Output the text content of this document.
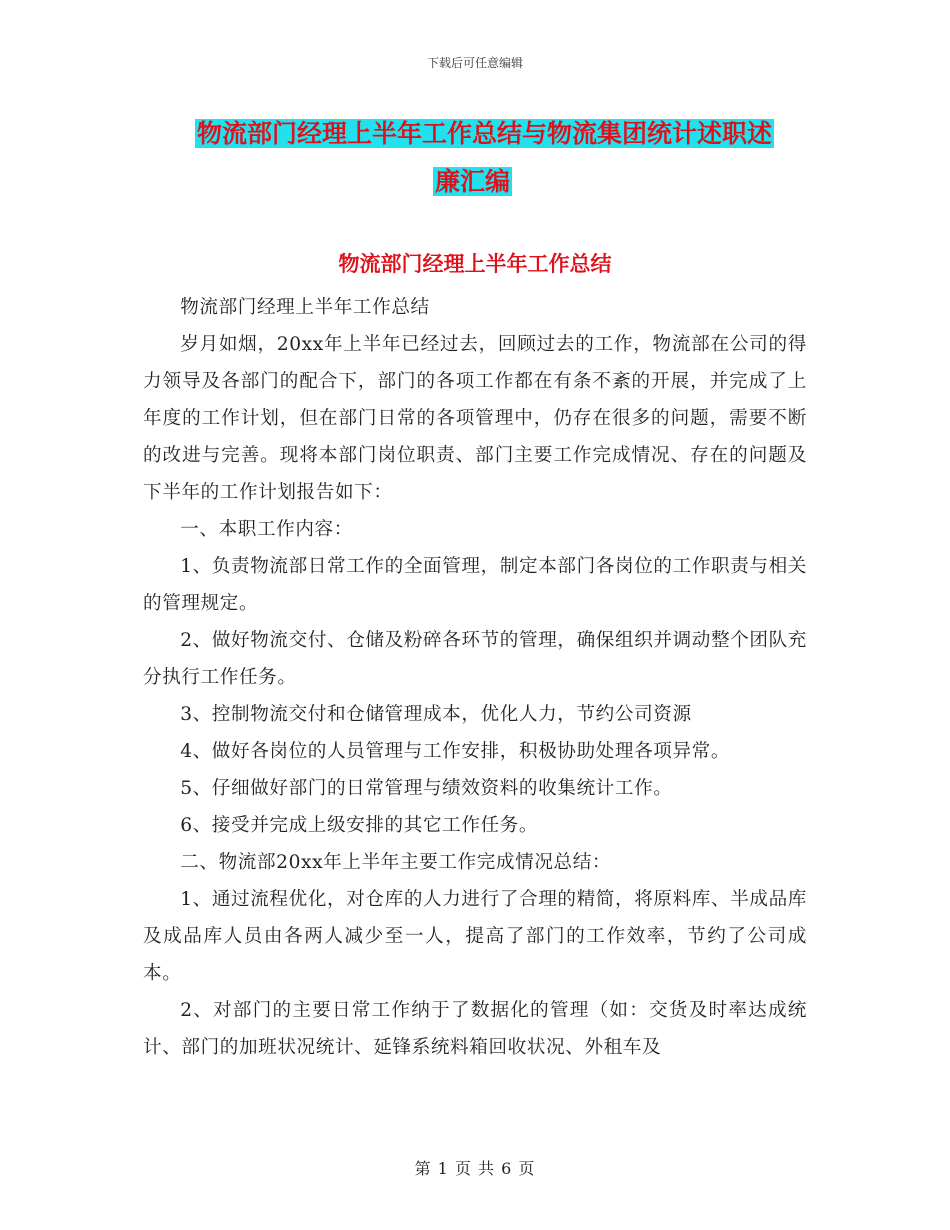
下载后可任意编辑
物流部门经理上半年工作总结与物流集团统计述职述
廉汇编
物流部门经理上半年工作总结

物流部门经理上半年工作总结

岁月如烟，20xx年上半年已经过去，回顾过去的工作，物流部在公司的得力领导及各部门的配合下，部门的各项工作都在有条不紊的开展，并完成了上年度的工作计划，但在部门日常的各项管理中，仍存在很多的问题，需要不断的改进与完善。现将本部门岗位职责、部门主要工作完成情况、存在的问题及下半年的工作计划报告如下：

一、本职工作内容：

1、负责物流部日常工作的全面管理，制定本部门各岗位的工作职责与相关的管理规定。

2、做好物流交付、仓储及粉碎各环节的管理，确保组织并调动整个团队充分执行工作任务。

3、控制物流交付和仓储管理成本，优化人力，节约公司资源

4、做好各岗位的人员管理与工作安排，积极协助处理各项异常。

5、仔细做好部门的日常管理与绩效资料的收集统计工作。

6、接受并完成上级安排的其它工作任务。

二、物流部20xx年上半年主要工作完成情况总结：

1、通过流程优化，对仓库的人力进行了合理的精简，将原料库、半成品库及成品库人员由各两人减少至一人，提高了部门的工作效率，节约了公司成本。

2、对部门的主要日常工作纳于了数据化的管理（如：交货及时率达成统计、部门的加班状况统计、延锋系统料箱回收状况、外租车及

第 1 页 共 6 页
